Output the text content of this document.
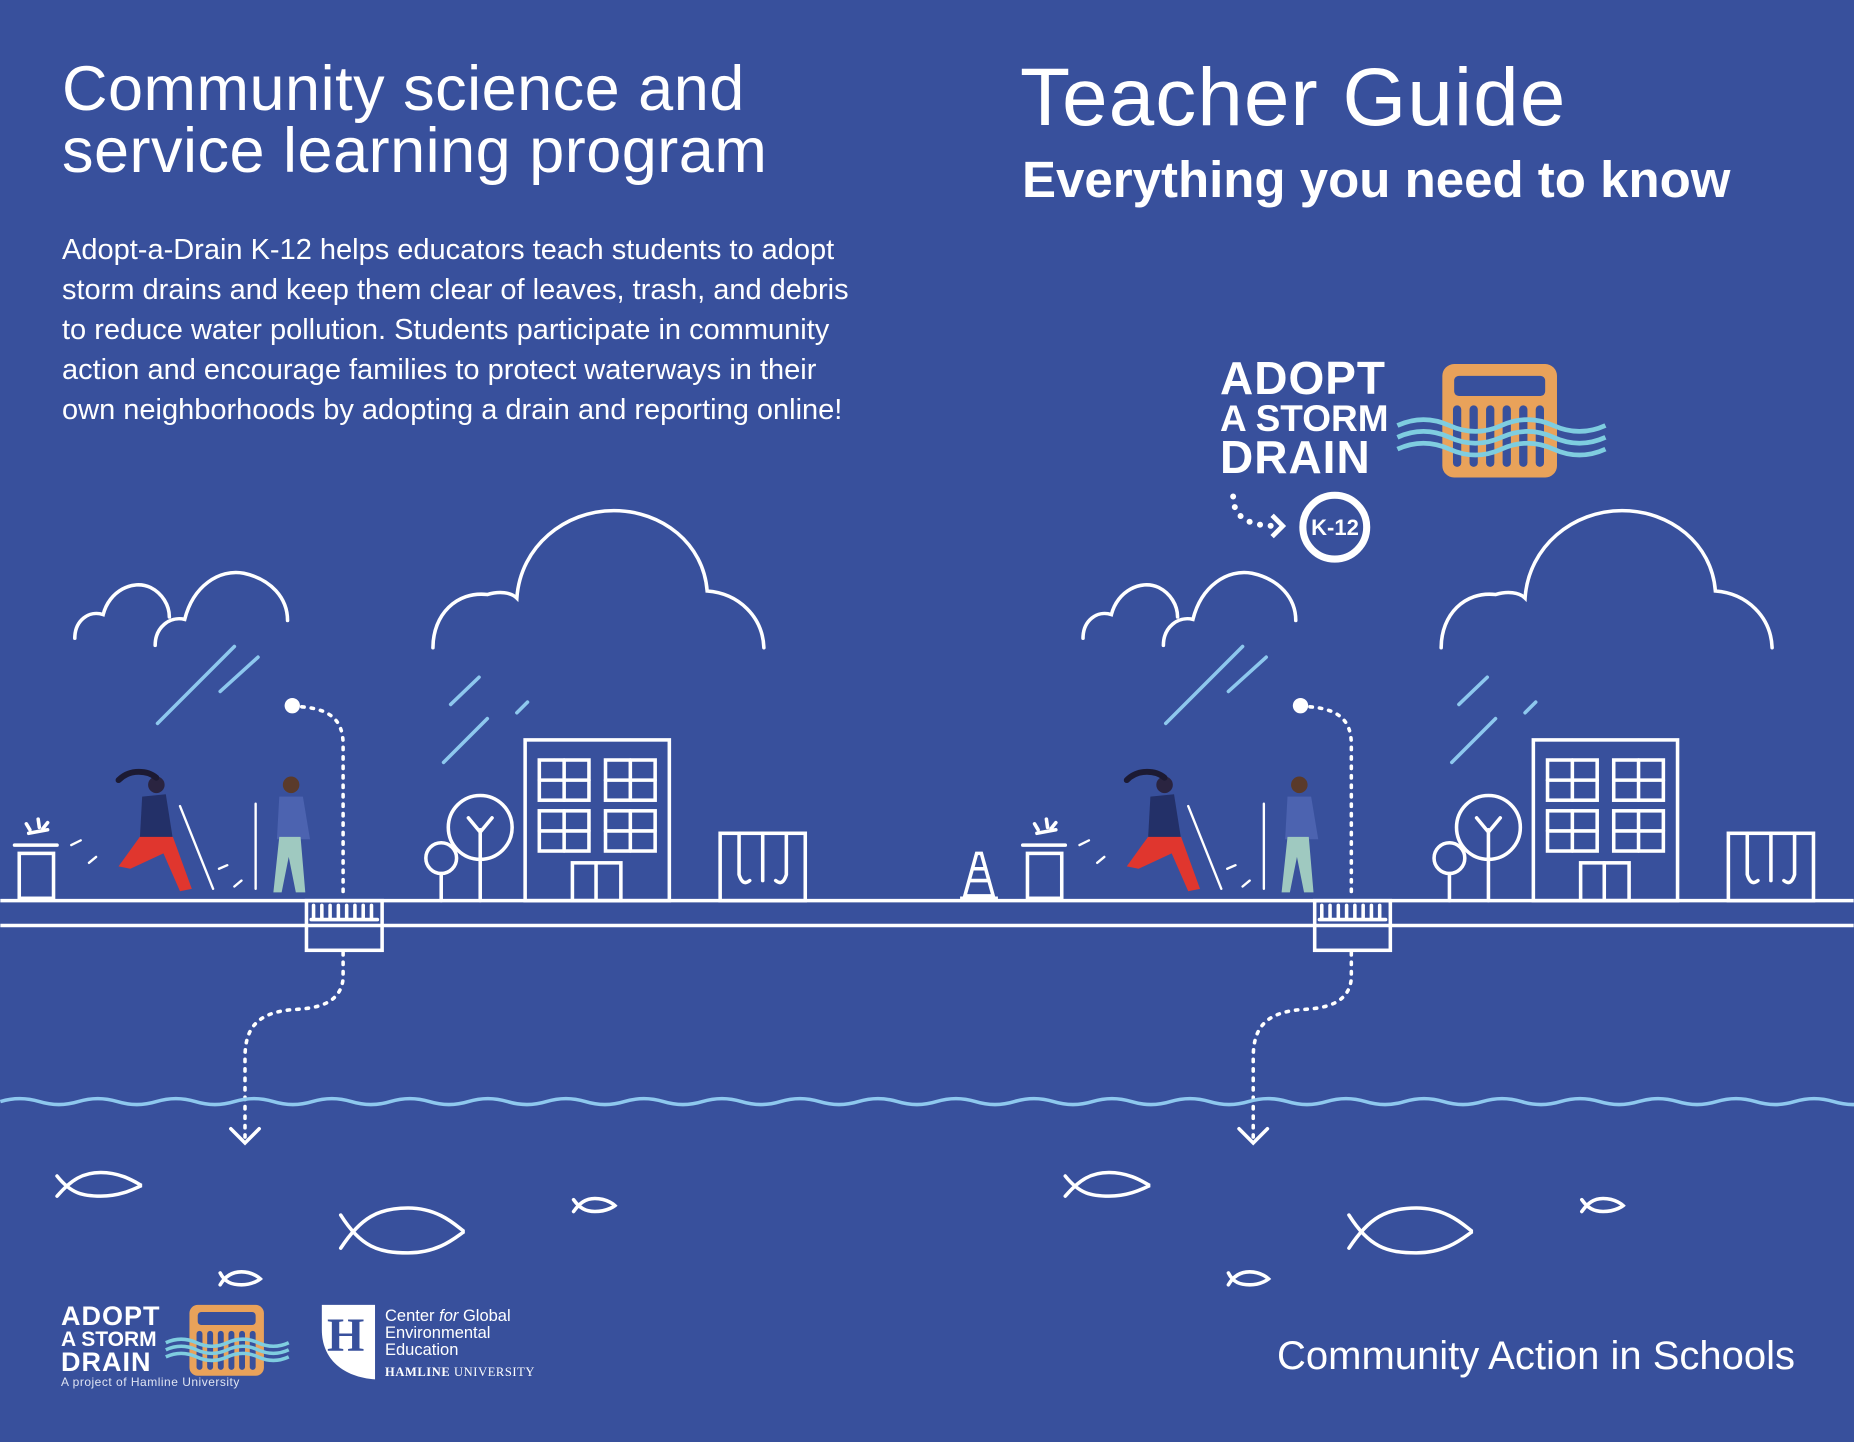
Community science and
service learning program
Adopt-a-Drain K-12 helps educators teach students to adopt storm drains and keep them clear of leaves, trash, and debris to reduce water pollution. Students participate in community action and encourage families to protect waterways in their own neighborhoods by adopting a drain and reporting online!
Teacher Guide
Everything you need to know
ADOPT
A STORM
DRAIN
K-12
ADOPT
A STORM
DRAIN
A project of Hamline University
H Center for Global
Environmental
Education
HAMLINE UNIVERSITY	Community Action in Schools
